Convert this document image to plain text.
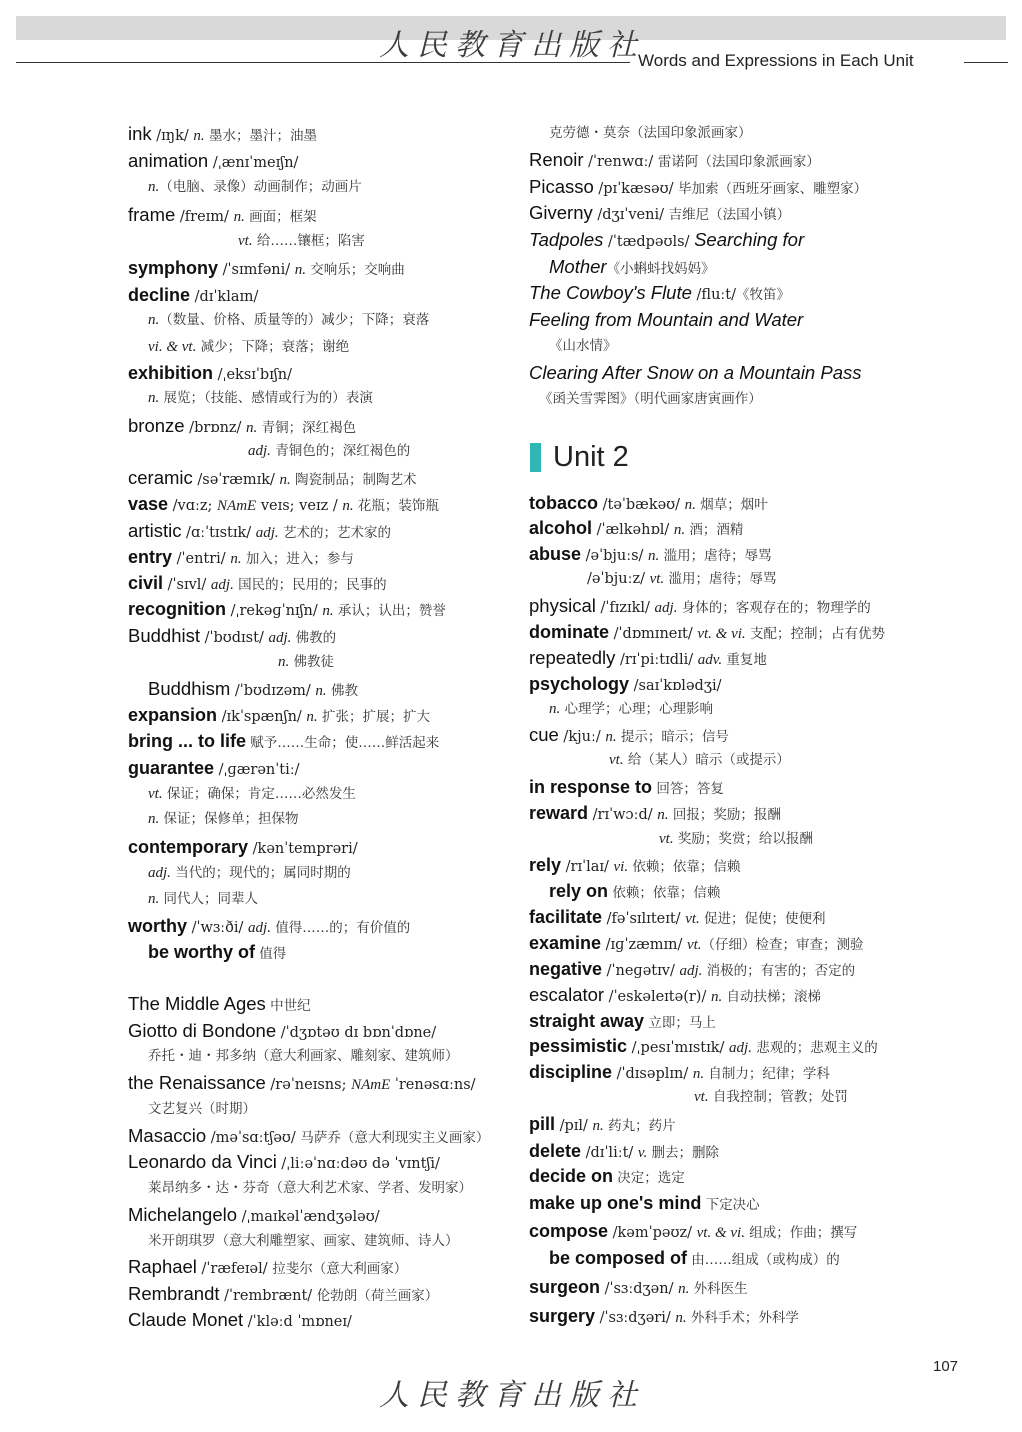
人民教育出版社
Words and Expressions in Each Unit
ink /ɪŋk/ n. 墨水；墨汁；油墨
animation /ˌænɪˈmeɪʃn/
n.（电脑、录像）动画制作；动画片
frame /freɪm/ n. 画面；框架
vt. 给……镶框；陷害
symphony /ˈsɪmfəni/ n. 交响乐；交响曲
decline /dɪˈklaɪn/
n.（数量、价格、质量等的）减少；下降；衰落
vi. & vt. 减少；下降；衰落；谢绝
exhibition /ˌeksɪˈbɪʃn/
n. 展览；（技能、感情或行为的）表演
bronze /brɒnz/ n. 青铜；深红褐色
adj. 青铜色的；深红褐色的
ceramic /səˈræmɪk/ n. 陶瓷制品；制陶艺术
vase /vɑːz; NAmE veɪs; veɪz / n. 花瓶；装饰瓶
artistic /ɑːˈtɪstɪk/ adj. 艺术的；艺术家的
entry /ˈentri/ n. 加入；进入；参与
civil /ˈsɪvl/ adj. 国民的；民用的；民事的
recognition /ˌrekəɡˈnɪʃn/ n. 承认；认出；赞誉
Buddhist /ˈbʊdɪst/ adj. 佛教的
n. 佛教徒
Buddhism /ˈbʊdɪzəm/ n. 佛教
expansion /ɪkˈspænʃn/ n. 扩张；扩展；扩大
bring ... to life 赋予……生命；使……鲜活起来
guarantee /ˌɡærənˈtiː/
vt. 保证；确保；肯定……必然发生
n. 保证；保修单；担保物
contemporary /kənˈtemprəri/
adj. 当代的；现代的；属同时期的
n. 同代人；同辈人
worthy /ˈwɜːði/ adj. 值得……的；有价值的
be worthy of 值得
The Middle Ages 中世纪
Giotto di Bondone /ˈdʒɒtəʊ dɪ bɒnˈdɒne/
乔托・迪・邦多纳（意大利画家、雕刻家、建筑师）
the Renaissance /rəˈneɪsns; NAmE ˈrenəsɑːns/
文艺复兴（时期）
Masaccio /məˈsɑːtʃəʊ/ 马萨乔（意大利现实主义画家）
Leonardo da Vinci /ˌliːəˈnɑːdəʊ də ˈvɪntʃi/
莱昂纳多・达・芬奇（意大利艺术家、学者、发明家）
Michelangelo /ˌmaɪkəlˈændʒələʊ/
米开朗琪罗（意大利雕塑家、画家、建筑师、诗人）
Raphael /ˈræfeɪəl/ 拉斐尔（意大利画家）
Rembrandt /ˈrembrænt/ 伦勃朗（荷兰画家）
Claude Monet /ˈkləːd ˈmɒneɪ/
克劳德・莫奈（法国印象派画家）
Renoir /ˈrenwɑː/ 雷诺阿（法国印象派画家）
Picasso /pɪˈkæsəʊ/ 毕加索（西班牙画家、雕塑家）
Giverny /dʒɪˈveni/ 吉维尼（法国小镇）
Tadpoles /ˈtædpəʊls/ Searching for
Mother《小蝌蚪找妈妈》
The Cowboy's Flute /fluːt/《牧笛》
Feeling from Mountain and Water
《山水情》
Clearing After Snow on a Mountain Pass
《函关雪霁图》（明代画家唐寅画作）
tobacco /təˈbækəʊ/ n. 烟草；烟叶
alcohol /ˈælkəhɒl/ n. 酒；酒精
abuse /əˈbjuːs/ n. 滥用；虐待；辱骂
/əˈbjuːz/ vt. 滥用；虐待；辱骂
physical /ˈfɪzɪkl/ adj. 身体的；客观存在的；物理学的
dominate /ˈdɒmɪneɪt/ vt. & vi. 支配；控制；占有优势
repeatedly /rɪˈpiːtɪdli/ adv. 重复地
psychology /saɪˈkɒlədʒi/
n. 心理学；心理；心理影响
cue /kjuː/ n. 提示；暗示；信号
vt. 给（某人）暗示（或提示）
in response to 回答；答复
reward /rɪˈwɔːd/ n. 回报；奖励；报酬
vt. 奖励；奖赏；给以报酬
rely /rɪˈlaɪ/ vi. 依赖；依靠；信赖
rely on 依赖；依靠；信赖
facilitate /fəˈsɪlɪteɪt/ vt. 促进；促使；使便利
examine /ɪɡˈzæmɪn/ vt.（仔细）检查；审查；测验
negative /ˈneɡətɪv/ adj. 消极的；有害的；否定的
escalator /ˈeskəleɪtə(r)/ n. 自动扶梯；滚梯
straight away 立即；马上
pessimistic /ˌpesɪˈmɪstɪk/ adj. 悲观的；悲观主义的
discipline /ˈdɪsəplɪn/ n. 自制力；纪律；学科
vt. 自我控制；管教；处罚
pill /pɪl/ n. 药丸；药片
delete /dɪˈliːt/ v. 删去；删除
decide on 决定；选定
make up one's mind 下定决心
compose /kəmˈpəʊz/ vt. & vi. 组成；作曲；撰写
be composed of 由……组成（或构成）的
surgeon /ˈsɜːdʒən/ n. 外科医生
surgery /ˈsɜːdʒəri/ n. 外科手术；外科学
Unit 2
107
人民教育出版社
